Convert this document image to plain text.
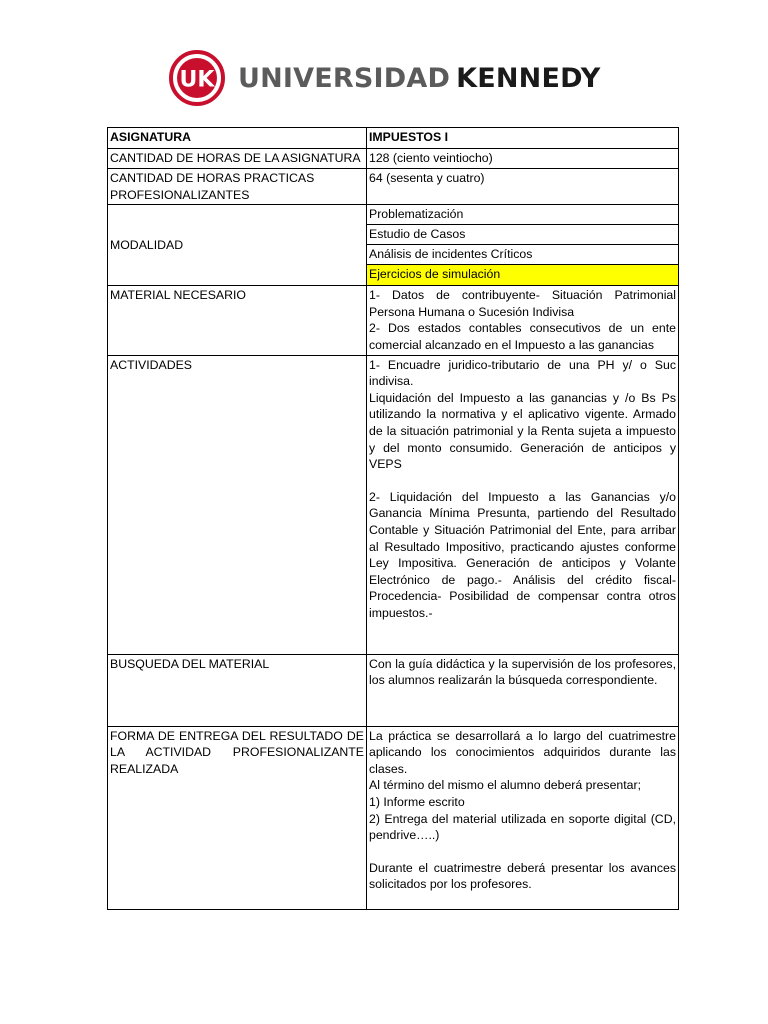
UK UNIVERSIDAD KENNEDY
ASIGNATURA	IMPUESTOS I
CANTIDAD DE HORAS DE LA ASIGNATURA	128 (ciento veintiocho)

CANTIDAD DE HORAS PRACTICAS
PROFESIONALIZANTES	64 (sesenta y cuatro)
MODALIDAD	Problematización
	Estudio de Casos
	Análisis de incidentes Críticos
	Ejercicios de simulación
MATERIAL NECESARIO	1- Datos de contribuyente- Situación Patrimonial Persona Humana o Sucesión Indivisa

2- Dos estados contables consecutivos de un ente comercial alcanzado en el Impuesto a las ganancias

ACTIVIDADES	1- Encuadre juridico-tributario de una PH y/ o Suc indivisa.

Liquidación del Impuesto a las ganancias y /o Bs Ps utilizando la normativa y el aplicativo vigente. Armado de la situación patrimonial y la Renta sujeta a impuesto y del monto consumido. Generación de anticipos y VEPS

2- Liquidación del Impuesto a las Ganancias y/o Ganancia Mínima Presunta, partiendo del Resultado Contable y Situación Patrimonial del Ente, para arribar al Resultado Impositivo, practicando ajustes conforme Ley Impositiva. Generación de anticipos y Volante Electrónico de pago.- Análisis del crédito fiscal- Procedencia- Posibilidad de compensar contra otros impuestos.-

BUSQUEDA DEL MATERIAL	Con la guía didáctica y la supervisión de los profesores, los alumnos realizarán la búsqueda correspondiente.
FORMA DE ENTREGA DEL RESULTADO DE LA ACTIVIDAD PROFESIONALIZANTE REALIZADA	La práctica se desarrollará a lo largo del cuatrimestre aplicando los conocimientos adquiridos durante las clases.

Al término del mismo el alumno deberá presentar;

1) Informe escrito

2) Entrega del material utilizada en soporte digital (CD, pendrive…..)

Durante el cuatrimestre deberá presentar los avances solicitados por los profesores.
